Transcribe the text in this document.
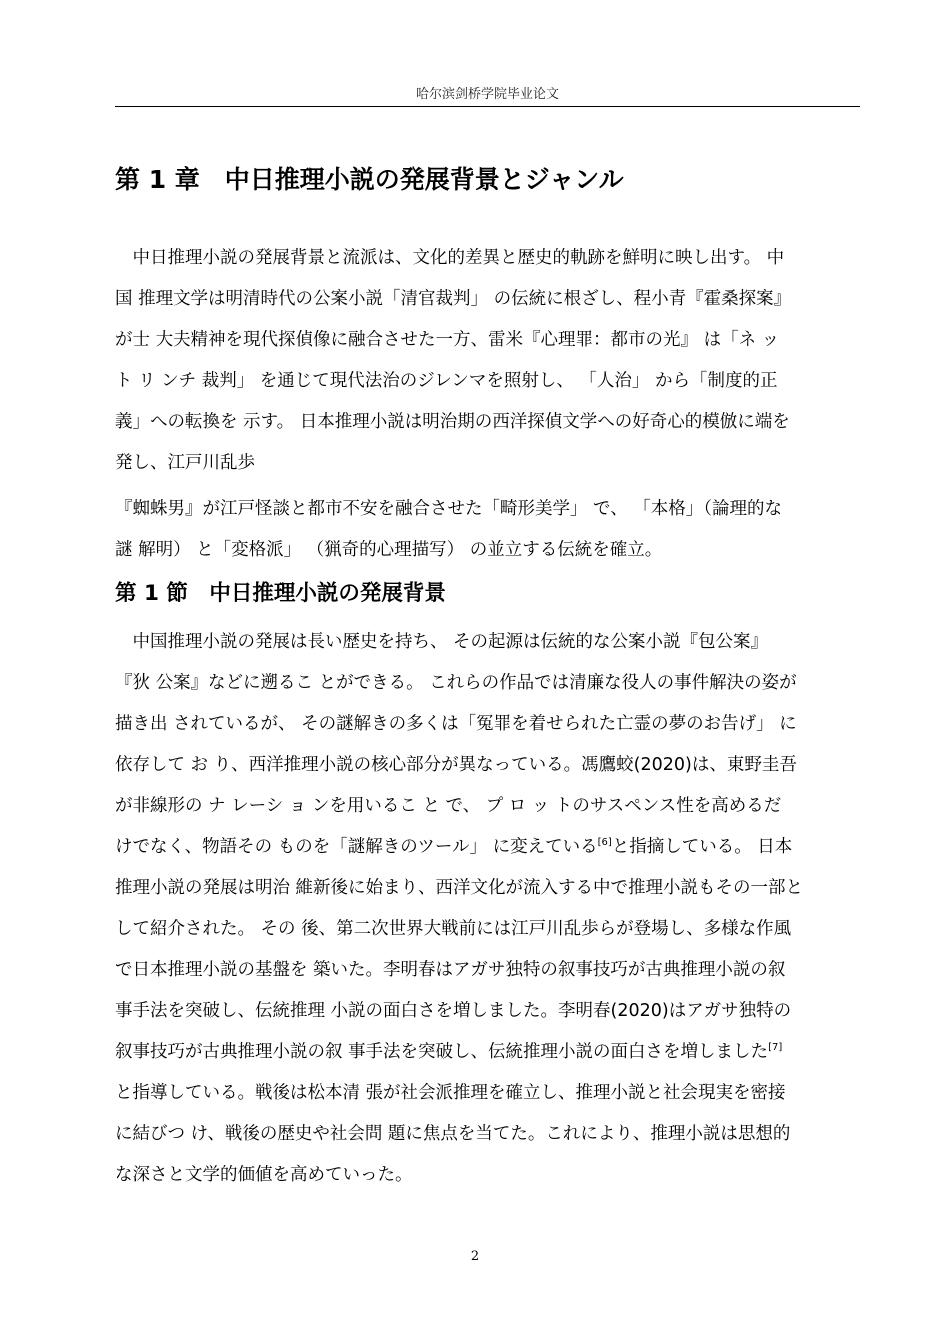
哈尔滨剑桥学院毕业论文
第 1 章　中日推理小説の発展背景とジャンル
　中日推理小説の発展背景と流派は、文化的差異と歴史的軌跡を鮮明に映し出す。 中
国 推理文学は明清時代の公案小説「清官裁判」 の伝統に根ざし、程小青『霍桑探案』
が士 大夫精神を現代探偵像に融合させた一方、雷米『心理罪：都市の光』 は「ネ ッ
ト リ ンチ 裁判」 を通じて現代法治のジレンマを照射し、 「人治」 から「制度的正
義」への転換を 示す。 日本推理小説は明治期の西洋探偵文学への好奇心的模倣に端を
発し、江戸川乱歩
『蜘蛛男』が江戸怪談と都市不安を融合させた「畸形美学」 で、 「本格」（論理的な
謎 解明） と「変格派」 （猟奇的心理描写） の並立する伝統を確立。
第 1 節　中日推理小説の発展背景
　中国推理小説の発展は長い歴史を持ち、 その起源は伝統的な公案小説『包公案』
『狄 公案』などに遡るこ とができる。 これらの作品では清廉な役人の事件解決の姿が
描き出 されているが、 その謎解きの多くは「冤罪を着せられた亡霊の夢のお告げ」 に
依存して お り、西洋推理小説の核心部分が異なっている。馮鷹蛟(2020)は、東野圭吾
が非線形の ナ レーシ ョ ンを用いるこ と で、 プ ロ ッ トのサスペンス性を高めるだ
けでなく、物語その ものを「謎解きのツール」 に変えている[6]と指摘している。 日本
推理小説の発展は明治 維新後に始まり、西洋文化が流入する中で推理小説もその一部と
して紹介された。 その 後、第二次世界大戦前には江戸川乱歩らが登場し、多様な作風
で日本推理小説の基盤を 築いた。李明春はアガサ独特の叙事技巧が古典推理小説の叙
事手法を突破し、伝統推理 小説の面白さを増しました。李明春(2020)はアガサ独特の
叙事技巧が古典推理小説の叙 事手法を突破し、伝統推理小説の面白さを増しました[7]
と指導している。戦後は松本清 張が社会派推理を確立し、推理小説と社会現実を密接
に結びつ け、戦後の歴史や社会問 題に焦点を当てた。これにより、推理小説は思想的
な深さと文学的価値を高めていった。
2
